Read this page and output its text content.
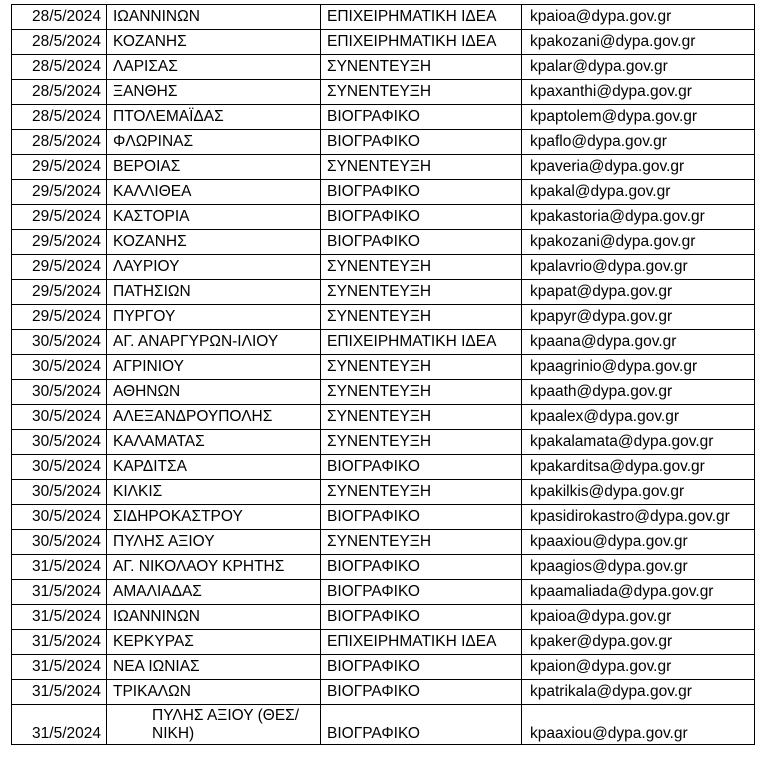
28/5/2024	ΙΩΑΝΝΙΝΩΝ	ΕΠΙΧΕΙΡΗΜΑΤΙΚΗ ΙΔΕΑ	kpaioa@dypa.gov.gr
28/5/2024	ΚΟΖΑΝΗΣ	ΕΠΙΧΕΙΡΗΜΑΤΙΚΗ ΙΔΕΑ	kpakozani@dypa.gov.gr
28/5/2024	ΛΑΡΙΣΑΣ	ΣΥΝΕΝΤΕΥΞΗ	kpalar@dypa.gov.gr
28/5/2024	ΞΑΝΘΗΣ	ΣΥΝΕΝΤΕΥΞΗ	kpaxanthi@dypa.gov.gr
28/5/2024	ΠΤΟΛΕΜΑΪΔΑΣ	ΒΙΟΓΡΑΦΙΚΟ	kpaptolem@dypa.gov.gr
28/5/2024	ΦΛΩΡΙΝΑΣ	ΒΙΟΓΡΑΦΙΚΟ	kpaflo@dypa.gov.gr
29/5/2024	ΒΕΡΟΙΑΣ	ΣΥΝΕΝΤΕΥΞΗ	kpaveria@dypa.gov.gr
29/5/2024	ΚΑΛΛΙΘΕΑ	ΒΙΟΓΡΑΦΙΚΟ	kpakal@dypa.gov.gr
29/5/2024	ΚΑΣΤΟΡΙΑ	ΒΙΟΓΡΑΦΙΚΟ	kpakastoria@dypa.gov.gr
29/5/2024	ΚΟΖΑΝΗΣ	ΒΙΟΓΡΑΦΙΚΟ	kpakozani@dypa.gov.gr
29/5/2024	ΛΑΥΡΙΟΥ	ΣΥΝΕΝΤΕΥΞΗ	kpalavrio@dypa.gov.gr
29/5/2024	ΠΑΤΗΣΙΩΝ	ΣΥΝΕΝΤΕΥΞΗ	kpapat@dypa.gov.gr
29/5/2024	ΠΥΡΓΟΥ	ΣΥΝΕΝΤΕΥΞΗ	kpapyr@dypa.gov.gr
30/5/2024	ΑΓ. ΑΝΑΡΓΥΡΩΝ-ΙΛΙΟΥ	ΕΠΙΧΕΙΡΗΜΑΤΙΚΗ ΙΔΕΑ	kpaana@dypa.gov.gr
30/5/2024	ΑΓΡΙΝΙΟΥ	ΣΥΝΕΝΤΕΥΞΗ	kpaagrinio@dypa.gov.gr
30/5/2024	ΑΘΗΝΩΝ	ΣΥΝΕΝΤΕΥΞΗ	kpaath@dypa.gov.gr
30/5/2024	ΑΛΕΞΑΝΔΡΟΥΠΟΛΗΣ	ΣΥΝΕΝΤΕΥΞΗ	kpaalex@dypa.gov.gr
30/5/2024	ΚΑΛΑΜΑΤΑΣ	ΣΥΝΕΝΤΕΥΞΗ	kpakalamata@dypa.gov.gr
30/5/2024	ΚΑΡΔΙΤΣΑ	ΒΙΟΓΡΑΦΙΚΟ	kpakarditsa@dypa.gov.gr
30/5/2024	ΚΙΛΚΙΣ	ΣΥΝΕΝΤΕΥΞΗ	kpakilkis@dypa.gov.gr
30/5/2024	ΣΙΔΗΡΟΚΑΣΤΡΟΥ	ΒΙΟΓΡΑΦΙΚΟ	kpasidirokastro@dypa.gov.gr
30/5/2024	ΠΥΛΗΣ ΑΞΙΟΥ	ΣΥΝΕΝΤΕΥΞΗ	kpaaxiou@dypa.gov.gr
31/5/2024	ΑΓ. ΝΙΚΟΛΑΟΥ ΚΡΗΤΗΣ	ΒΙΟΓΡΑΦΙΚΟ	kpaagios@dypa.gov.gr
31/5/2024	ΑΜΑΛΙΑΔΑΣ	ΒΙΟΓΡΑΦΙΚΟ	kpaamaliada@dypa.gov.gr
31/5/2024	ΙΩΑΝΝΙΝΩΝ	ΒΙΟΓΡΑΦΙΚΟ	kpaioa@dypa.gov.gr
31/5/2024	ΚΕΡΚΥΡΑΣ	ΕΠΙΧΕΙΡΗΜΑΤΙΚΗ ΙΔΕΑ	kpaker@dypa.gov.gr
31/5/2024	ΝΕΑ ΙΩΝΙΑΣ	ΒΙΟΓΡΑΦΙΚΟ	kpaion@dypa.gov.gr
31/5/2024	ΤΡΙΚΑΛΩΝ	ΒΙΟΓΡΑΦΙΚΟ	kpatrikala@dypa.gov.gr
31/5/2024	ΠΥΛΗΣ ΑΞΙΟΥ (ΘΕΣ/ΝΙΚΗ)	ΒΙΟΓΡΑΦΙΚΟ	kpaaxiou@dypa.gov.gr
